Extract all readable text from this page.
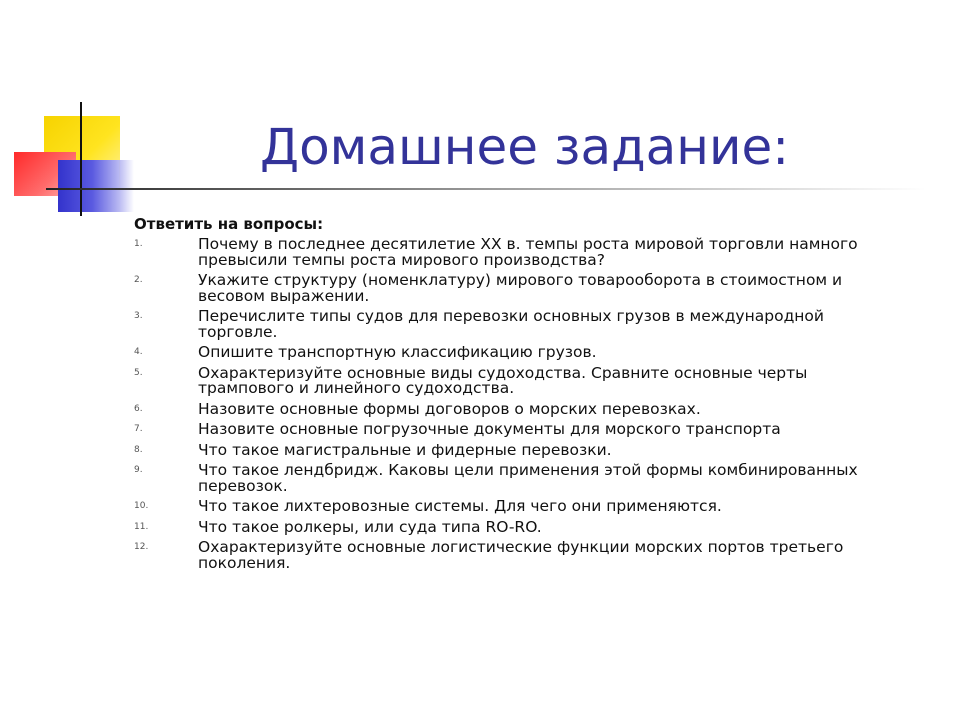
Домашнее задание:
Ответить на вопросы:
1.	Почему в последнее десятилетие XX в. темпы роста мировой торговли намного превысили темпы роста мирового производства?
2.	Укажите структуру (номенклатуру) мирового товарооборота в стоимостном и весовом выражении.
3.	Перечислите типы судов для перевозки основных грузов в международной торговле.
4.	Опишите транспортную классификацию грузов.
5.	Охарактеризуйте основные виды судоходства. Сравните основные черты трампового и линейного судоходства.
6.	Назовите основные формы договоров о морских перевозках.
7.	Назовите основные погрузочные документы для морского транспорта
8.	Что такое магистральные и фидерные перевозки.
9.	Что такое лендбридж. Каковы цели применения этой формы комбинированных перевозок.
10.	Что такое лихтеровозные системы. Для чего они применяются.
11.	Что такое ролкеры, или суда типа RO-RO.
12.	Охарактеризуйте основные логистические функции морских портов третьего поколения.
